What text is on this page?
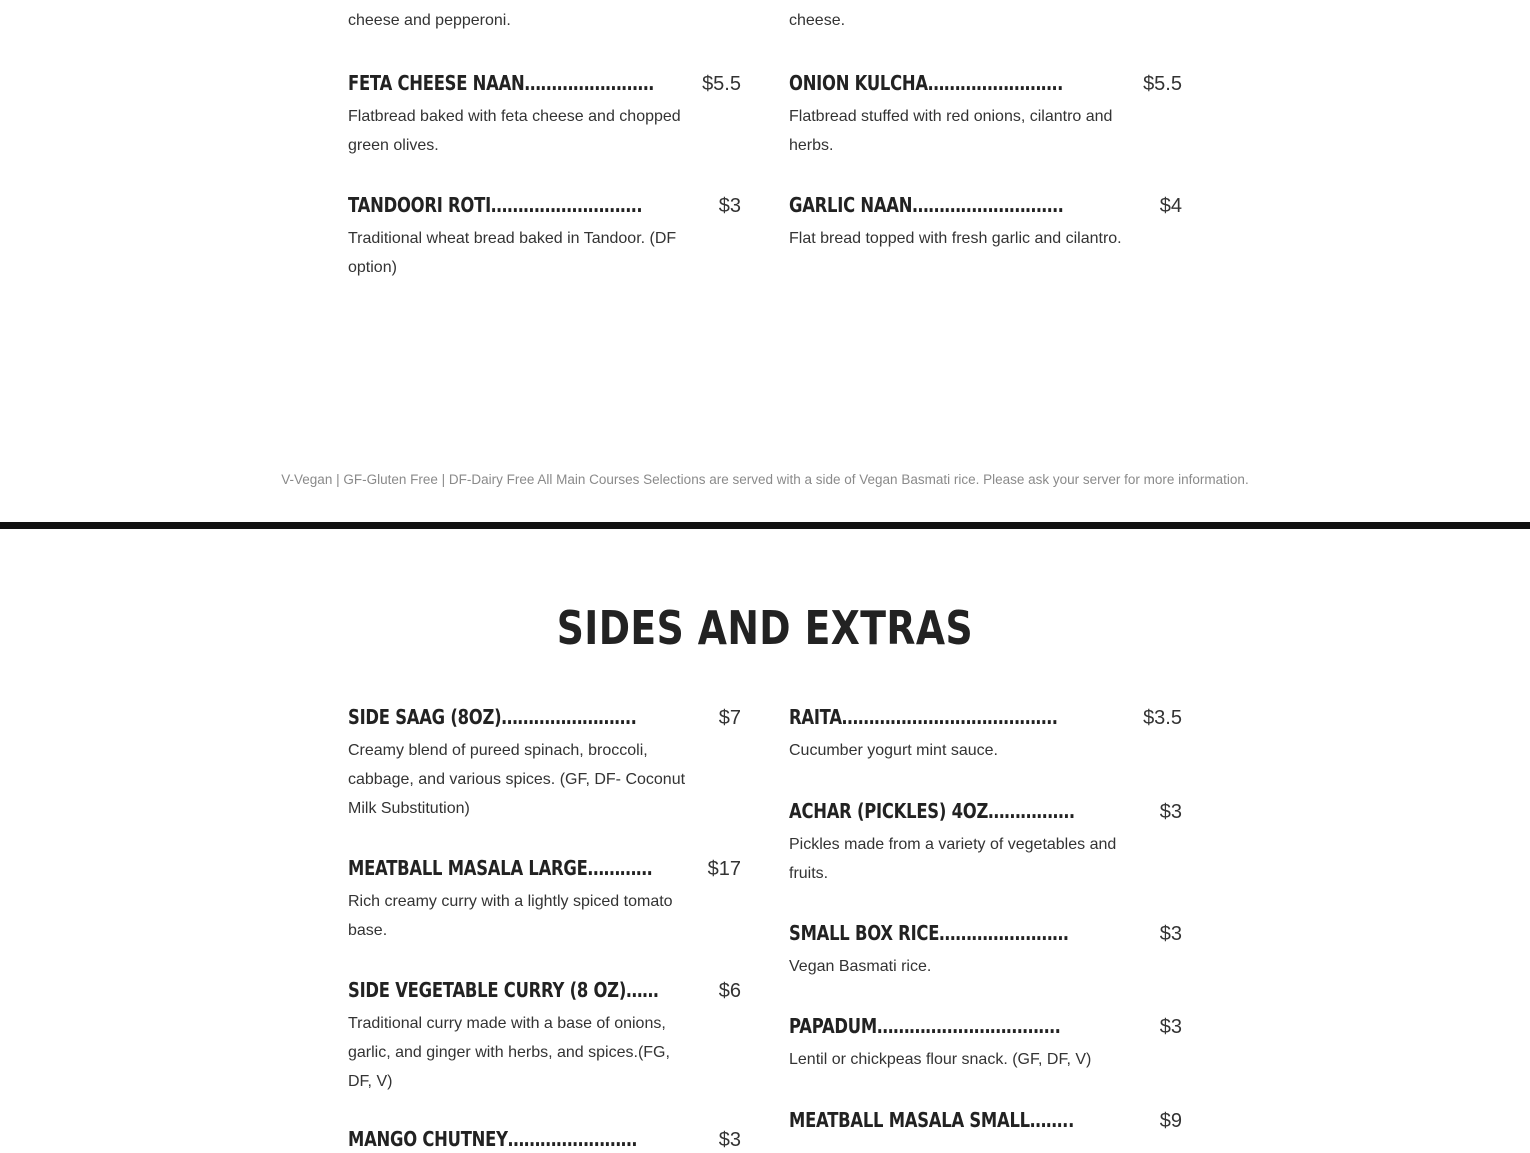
cheese and pepperoni.	cheese.
FETA CHEESE NAAN…………………… $5.5
Flatbread baked with feta cheese and chopped green olives.
TANDOORI ROTI……………………….	$3
Traditional wheat bread baked in Tandoor. (DF option)
ONION KULCHA…………………….	$5.5
Flatbread stuffed with red onions, cilantro and herbs.
GARLIC NAAN……………………….	$4
Flat bread topped with fresh garlic and cilantro.
V-Vegan | GF-Gluten Free | DF-Dairy Free All Main Courses Selections are served with a side of Vegan Basmati rice. Please ask your server for more information.
SIDES AND EXTRAS
SIDE SAAG (8OZ)…………………….	$7
Creamy blend of pureed spinach, broccoli, cabbage, and various spices. (GF, DF- Coconut Milk Substitution)
MEATBALL MASALA LARGE…………	$17
Rich creamy curry with a lightly spiced tomato base.
SIDE VEGETABLE CURRY (8 OZ)……	$6
Traditional curry made with a base of onions, garlic, and ginger with herbs, and spices.(FG, DF, V)
MANGO CHUTNEY……………………	$3
RAITA………………………………….	$3.5
Cucumber yogurt mint sauce.
ACHAR (PICKLES) 4OZ…………….	$3
Pickles made from a variety of vegetables and fruits.
SMALL BOX RICE……………………	$3
Vegan Basmati rice.
PAPADUM…………………………….	$3
Lentil or chickpeas flour snack. (GF, DF, V)
MEATBALL MASALA SMALL……..	$9
